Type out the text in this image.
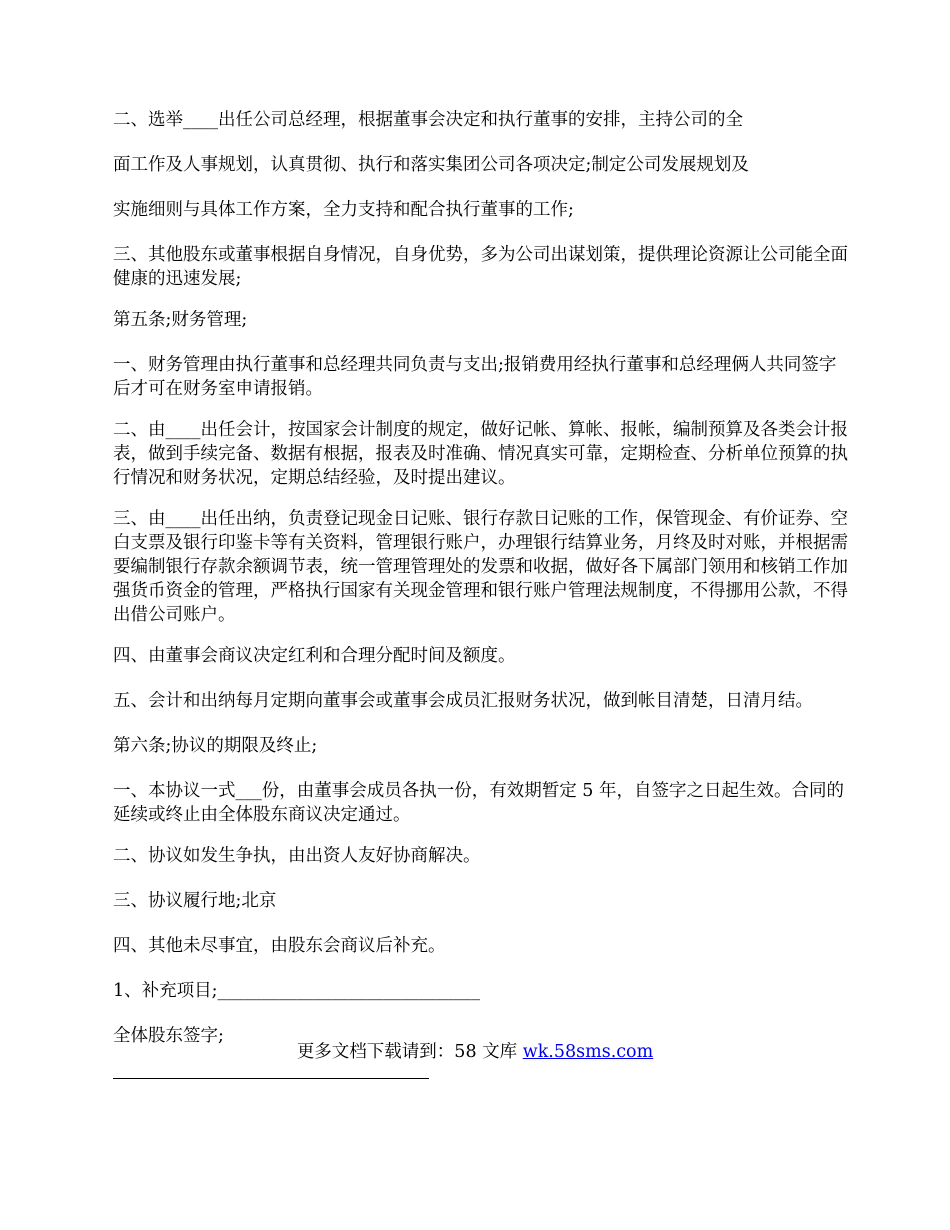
二、选举____出任公司总经理，根据董事会决定和执行董事的安排，主持公司的全

面工作及人事规划，认真贯彻、执行和落实集团公司各项决定;制定公司发展规划及

实施细则与具体工作方案，全力支持和配合执行董事的工作;

三、其他股东或董事根据自身情况，自身优势，多为公司出谋划策，提供理论资源让公司能全面健康的迅速发展;

第五条;财务管理;

一、财务管理由执行董事和总经理共同负责与支出;报销费用经执行董事和总经理俩人共同签字后才可在财务室申请报销。

二、由____出任会计，按国家会计制度的规定，做好记帐、算帐、报帐，编制预算及各类会计报表，做到手续完备、数据有根据，报表及时准确、情况真实可靠，定期检查、分析单位预算的执行情况和财务状况，定期总结经验，及时提出建议。

三、由____出任出纳，负责登记现金日记账、银行存款日记账的工作，保管现金、有价证券、空白支票及银行印鉴卡等有关资料，管理银行账户，办理银行结算业务，月终及时对账，并根据需要编制银行存款余额调节表，统一管理管理处的发票和收据，做好各下属部门领用和核销工作加强货币资金的管理，严格执行国家有关现金管理和银行账户管理法规制度，不得挪用公款，不得出借公司账户。

四、由董事会商议决定红利和合理分配时间及额度。

五、会计和出纳每月定期向董事会或董事会成员汇报财务状况，做到帐目清楚，日清月结。

第六条;协议的期限及终止;

一、本协议一式___份，由董事会成员各执一份，有效期暂定 5 年，自签字之日起生效。合同的延续或终止由全体股东商议决定通过。

二、协议如发生争执，由出资人友好协商解决。

三、协议履行地;北京

四、其他未尽事宜，由股东会商议后补充。

1、补充项目;______________________________

全体股东签字;

更多文档下载请到：58 文库 wk.58sms.com
